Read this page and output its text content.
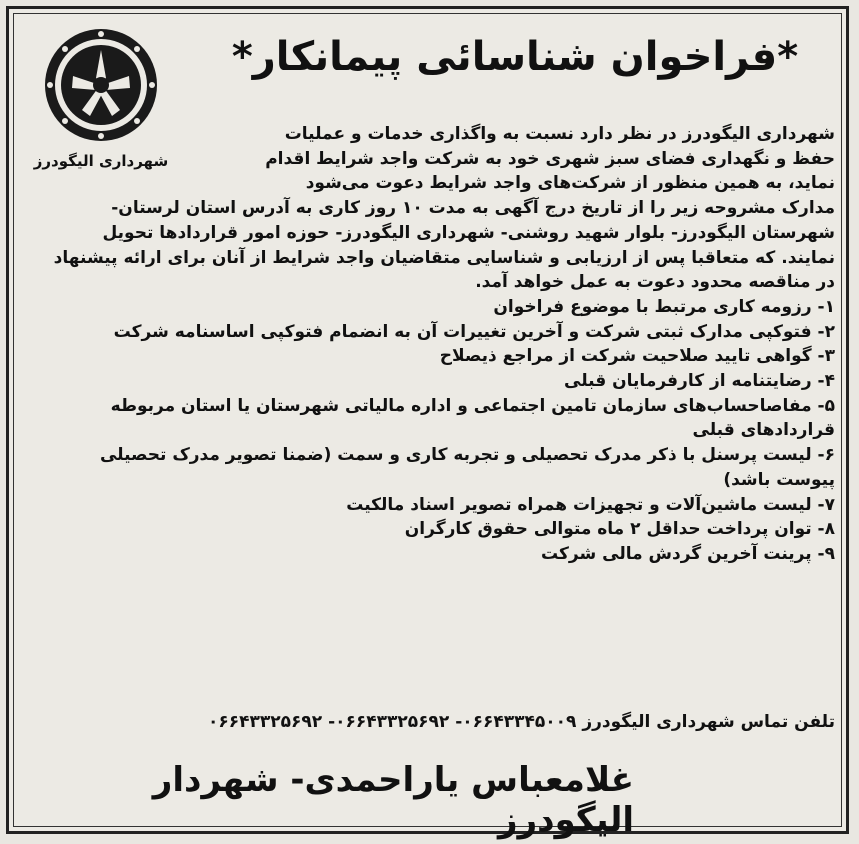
*فراخوان شناسائی پیمانکار*
شهرداری الیگودرز
شهرداری الیگودرز در نظر دارد نسبت به واگذاری خدمات و عملیات
حفظ و نگهداری فضای سبز شهری خود به شرکت واجد شرایط اقدام
نماید، به همین منظور از شرکت‌های واجد شرایط دعوت می‌شود
مدارک مشروحه زیر را از تاریخ درج آگهی به مدت ۱۰ روز کاری به آدرس استان لرستان-
شهرستان الیگودرز- بلوار شهید روشنی- شهرداری الیگودرز- حوزه امور قراردادها تحویل
نمایند. که متعاقبا پس از ارزیابی و شناسایی متقاضیان واجد شرایط از آنان برای ارائه پیشنهاد
در مناقصه محدود دعوت به عمل خواهد آمد.
۱- رزومه کاری مرتبط با موضوع فراخوان
۲- فتوکپی مدارک ثبتی شرکت و آخرین تغییرات آن به انضمام فتوکپی اساسنامه شرکت
۳- گواهی تایید صلاحیت شرکت از مراجع ذیصلاح
۴- رضایتنامه از کارفرمایان قبلی
۵- مفاصاحساب‌های سازمان تامین اجتماعی و اداره مالیاتی شهرستان یا استان مربوطه
قراردادهای قبلی
۶- لیست پرسنل با ذکر مدرک تحصیلی و تجربه کاری و سمت (ضمنا تصویر مدرک تحصیلی
پیوست باشد)
۷- لیست ماشین‌آلات و تجهیزات همراه تصویر اسناد مالکیت
۸- توان پرداخت حداقل ۲ ماه متوالی حقوق کارگران
۹- پرینت آخرین گردش مالی شرکت
تلفن تماس شهرداری الیگودرز ۰۶۶۴۳۳۴۵۰۰۹- ۰۶۶۴۳۳۲۵۶۹۲- ۰۶۶۴۳۳۲۵۶۹۲
غلامعباس یاراحمدی- شهردار الیگودرز
